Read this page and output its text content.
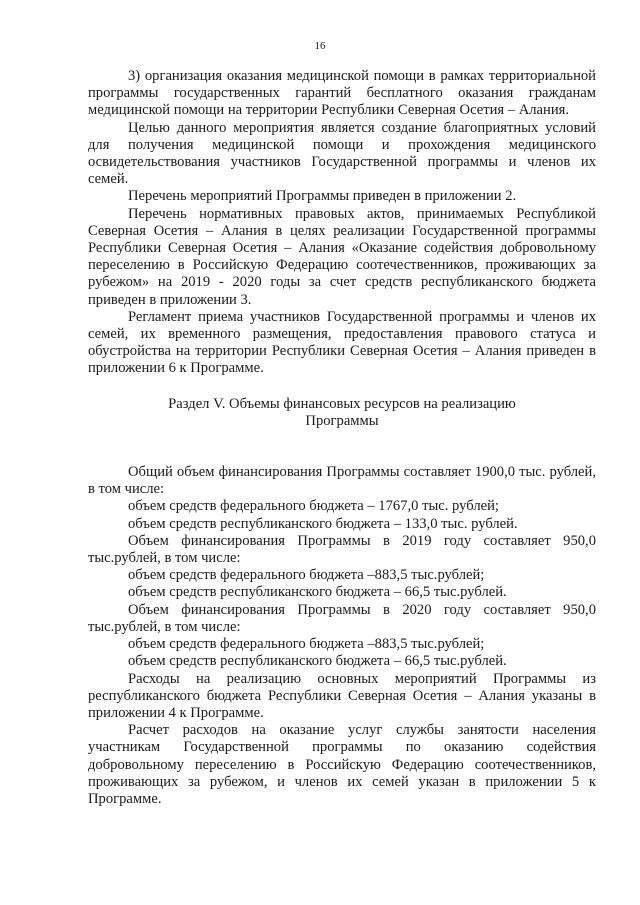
16

3) организация оказания медицинской помощи в рамках территориальной программы государственных гарантий бесплатного оказания гражданам медицинской помощи на территории Республики Северная Осетия – Алания.

Целью данного мероприятия является создание благоприятных условий для получения медицинской помощи и прохождения медицинского освидетельствования участников Государственной программы и членов их семей.

Перечень мероприятий Программы приведен в приложении 2.

Перечень нормативных правовых актов, принимаемых Республикой Северная Осетия – Алания в целях реализации Государственной программы Республики Северная Осетия – Алания «Оказание содействия добровольному переселению в Российскую Федерацию соотечественников, проживающих за рубежом» на 2019 - 2020 годы за счет средств республиканского бюджета приведен в приложении 3.

Регламент приема участников Государственной программы и членов их семей, их временного размещения, предоставления правового статуса и обустройства на территории Республики Северная Осетия – Алания приведен в приложении 6 к Программе.

Раздел V. Объемы финансовых ресурсов на реализацию
Программы

Общий объем финансирования Программы составляет 1900,0 тыс. рублей, в том числе:

объем средств федерального бюджета – 1767,0 тыс. рублей;

объем средств республиканского бюджета – 133,0 тыс. рублей.

Объем финансирования Программы в 2019 году составляет 950,0 тыс.рублей, в том числе:

объем средств федерального бюджета –883,5 тыс.рублей;

объем средств республиканского бюджета – 66,5 тыс.рублей.

Объем финансирования Программы в 2020 году составляет 950,0 тыс.рублей, в том числе:

объем средств федерального бюджета –883,5 тыс.рублей;

объем средств республиканского бюджета – 66,5 тыс.рублей.

Расходы на реализацию основных мероприятий Программы из республиканского бюджета Республики Северная Осетия – Алания указаны в приложении 4 к Программе.

Расчет расходов на оказание услуг службы занятости населения участникам Государственной программы по оказанию содействия добровольному переселению в Российскую Федерацию соотечественников, проживающих за рубежом, и членов их семей указан в приложении 5 к Программе.
